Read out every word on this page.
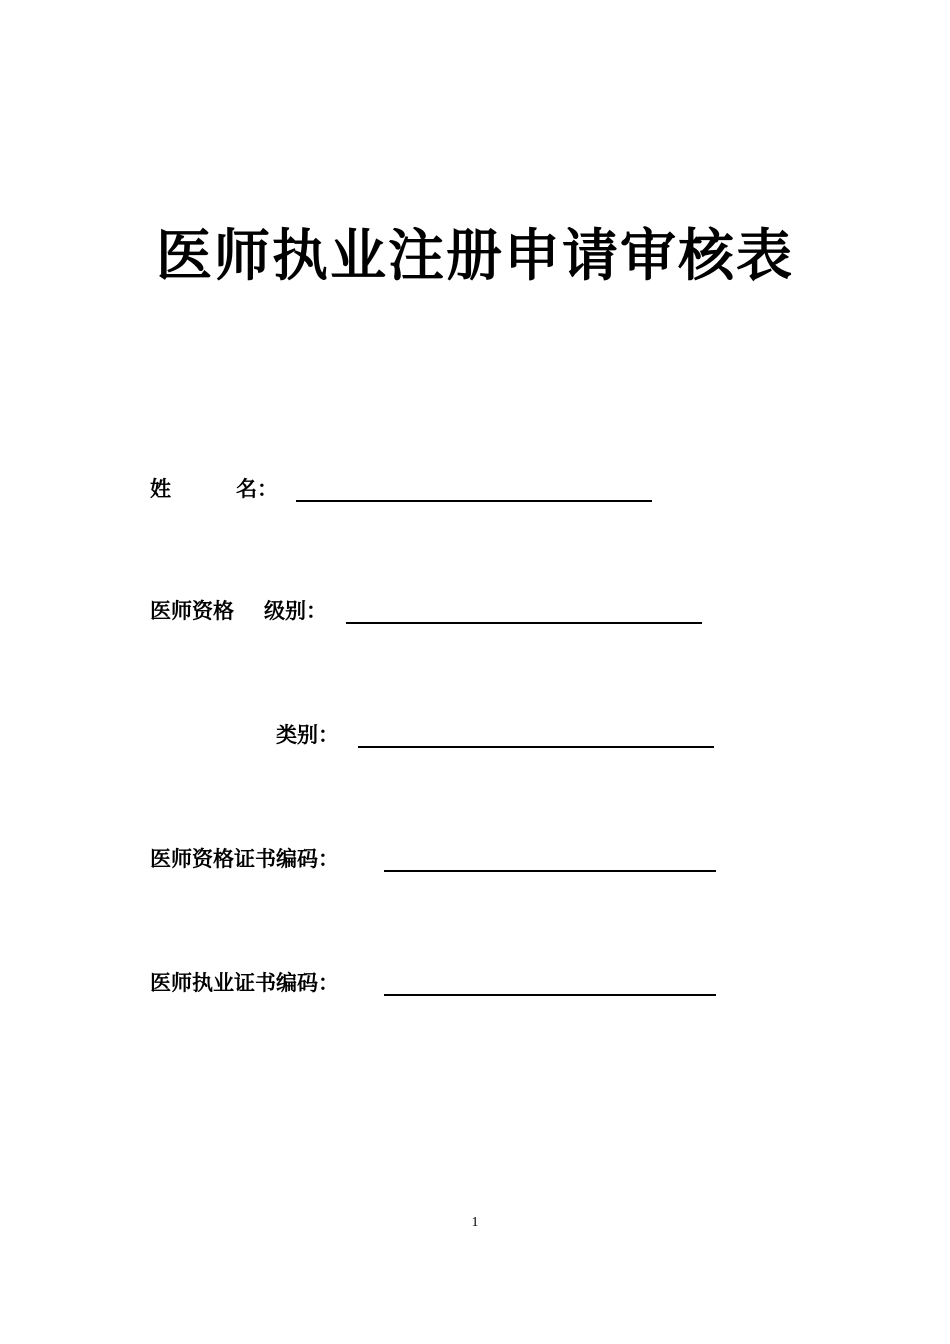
医师执业注册申请审核表
姓	名：
医师资格 级别：
类别：
医师资格证书编码：
医师执业证书编码：
1
